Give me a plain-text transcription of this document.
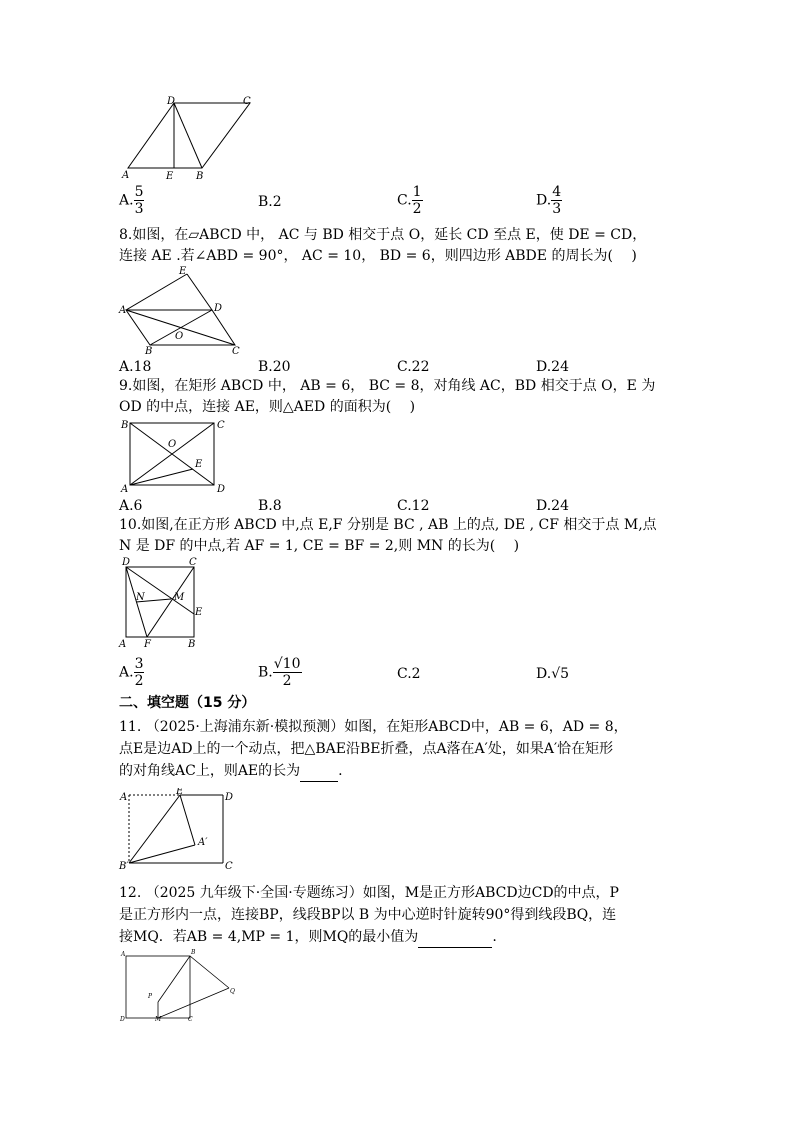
D	C
A	E B
A. $\frac{5}{3}$	B.2	C. $\frac{1}{2}$	D. $\frac{4}{3}$
8.如图，在▱ABCD 中， AC 与 BD 相交于点 O，延长 CD 至点 E，使 DE = CD，
连接 AE .若∠ABD = 90°， AC = 10， BD = 6，则四边形 ABDE 的周长为(　 )
E
A	D
O
B	C
A.18	B.20	C.22	D.24
9.如图，在矩形 ABCD 中， AB = 6， BC = 8，对角线 AC，BD 相交于点 O，E 为
OD 的中点，连接 AE，则△AED 的面积为(　 )
B	C
O
E
A	D
A.6	B.8	C.12	D.24
10.如图,在正方形 ABCD 中,点 E,F 分别是 BC , AB 上的点, DE , CF 相交于点 M,点
N 是 DF 的中点,若 AF = 1, CE = BF = 2,则 MN 的长为(　 )
D	C
N	M
E
A F	B
A. $\frac{3}{2}$	B. $\frac{√10}{2}$	C.2	D.√5
二、填空题（15 分）
11. （2025·上海浦东新·模拟预测）如图，在矩形ABCD中，AB = 6，AD = 8，
点E是边AD上的一个动点，把△BAE沿BE折叠，点A落在A′处，如果A′恰在矩形
的对角线AC上，则AE的长为	.
A
E
D
A′
B′	C
12. （2025 九年级下·全国·专题练习）如图，M是正方形ABCD边CD的中点，P
是正方形内一点，连接BP，线段BP以 B 为中心逆时针旋转90°得到线段BQ，连
接MQ．若AB = 4,MP = 1，则MQ的最小值为	.
A	B
P
Q
D	M	C
